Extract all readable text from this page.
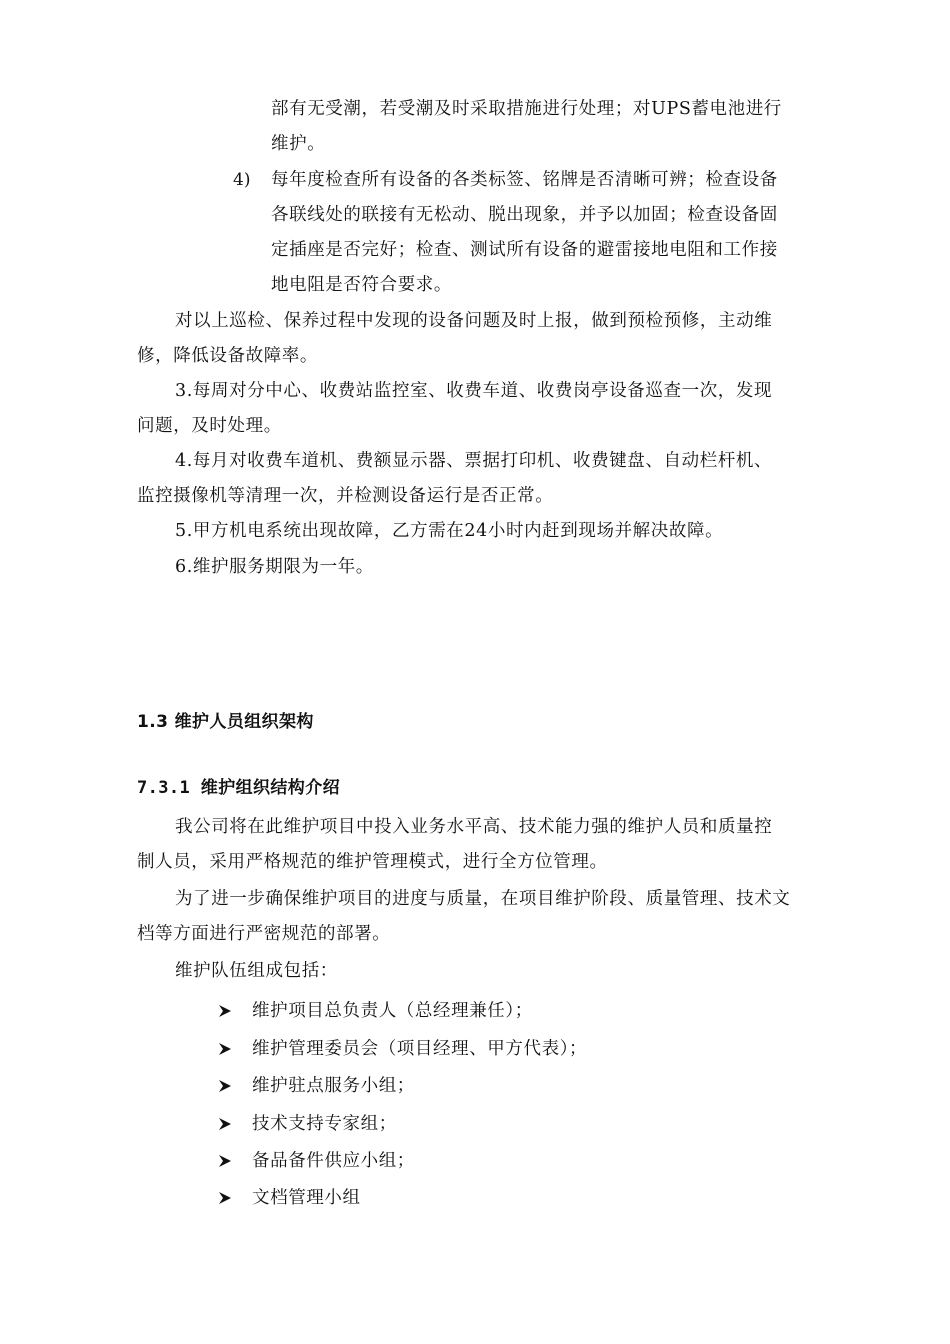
部有无受潮，若受潮及时采取措施进行处理；对UPS蓄电池进行
维护。
4) 每年度检查所有设备的各类标签、铭牌是否清晰可辨；检查设备
各联线处的联接有无松动、脱出现象，并予以加固；检查设备固
定插座是否完好；检查、测试所有设备的避雷接地电阻和工作接
地电阻是否符合要求。
对以上巡检、保养过程中发现的设备问题及时上报，做到预检预修，主动维
修，降低设备故障率。
3.每周对分中心、收费站监控室、收费车道、收费岗亭设备巡查一次，发现
问题，及时处理。
4.每月对收费车道机、费额显示器、票据打印机、收费键盘、自动栏杆机、
监控摄像机等清理一次，并检测设备运行是否正常。
5.甲方机电系统出现故障，乙方需在24小时内赶到现场并解决故障。
6.维护服务期限为一年。
1.3 维护人员组织架构
7.3.1 维护组织结构介绍
我公司将在此维护项目中投入业务水平高、技术能力强的维护人员和质量控
制人员，采用严格规范的维护管理模式，进行全方位管理。
为了进一步确保维护项目的进度与质量，在项目维护阶段、质量管理、技术文
档等方面进行严密规范的部署。
维护队伍组成包括：
维护项目总负责人（总经理兼任）；
维护管理委员会（项目经理、甲方代表）；
维护驻点服务小组；
技术支持专家组；
备品备件供应小组；
文档管理小组
